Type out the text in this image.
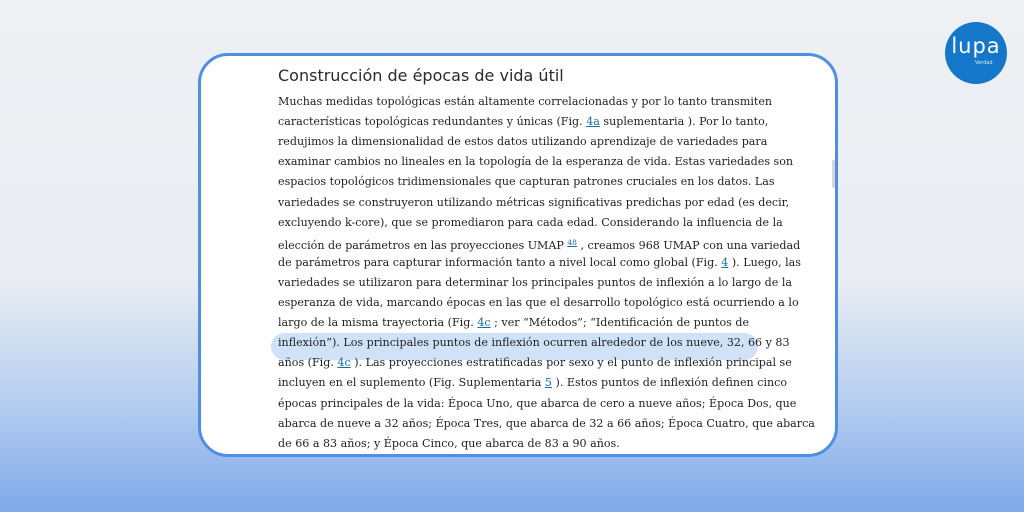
lupa
Verdad
Construcción de épocas de vida útil
Muchas medidas topológicas están altamente correlacionadas y por lo tanto transmiten
características topológicas redundantes y únicas (Fig. 4a suplementaria ). Por lo tanto,
redujimos la dimensionalidad de estos datos utilizando aprendizaje de variedades para
examinar cambios no lineales en la topología de la esperanza de vida. Estas variedades son
espacios topológicos tridimensionales que capturan patrones cruciales en los datos. Las
variedades se construyeron utilizando métricas significativas predichas por edad (es decir,
excluyendo k-core), que se promediaron para cada edad. Considerando la influencia de la
elección de parámetros en las proyecciones UMAP $^{48}$ , creamos 968 UMAP con una variedad
de parámetros para capturar información tanto a nivel local como global (Fig. 4 ). Luego, las
variedades se utilizaron para determinar los principales puntos de inflexión a lo largo de la
esperanza de vida, marcando épocas en las que el desarrollo topológico está ocurriendo a lo
largo de la misma trayectoria (Fig. 4c ; ver “Métodos”; “Identificación de puntos de
inflexión”). Los principales puntos de inflexión ocurren alrededor de los nueve, 32, 66 y 83
años (Fig. 4c ). Las proyecciones estratificadas por sexo y el punto de inflexión principal se
incluyen en el suplemento (Fig. Suplementaria 5 ). Estos puntos de inflexión definen cinco
épocas principales de la vida: Época Uno, que abarca de cero a nueve años; Época Dos, que
abarca de nueve a 32 años; Época Tres, que abarca de 32 a 66 años; Época Cuatro, que abarca
de 66 a 83 años; y Época Cinco, que abarca de 83 a 90 años.
